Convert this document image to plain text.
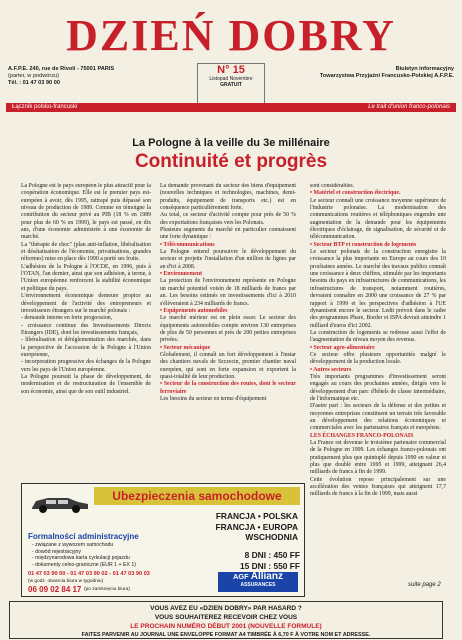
DZIEŃ DOBRY
A.F.P.E. 240, rue de Rivoli - 75001 PARIS
(parter, w podwórzu)
Tél. : 01 47 03 90 00
N° 15
Listopad Novembre
GRATUIT
Biuletyn informacyjny
Towarzystwa Przyjaźni Francusko-Polskiej A.F.P.E.
Łącznik polsko-francuski	Le trait d'union franco-polonais
La Pologne à la veille du 3e millénaire
Continuité et progrès

La Pologne est le pays européen le plus attractif pour la coopération économique. Elle est le premier pays est-européen à avoir, dès 1995, rattrapé puis dépassé son niveau de production de 1989. Comme en témoigne la contribution du secteur privé au PIB (18 % en 1989 pour plus de 60 % en 1999), le pays est passé, en dix ans, d'une économie administrée à une économie de marché.

La "thérapie de choc" (plan anti-inflation, libéralisation et désétatisation de l'économie, privatisations, grandes réformes) mise en place dès 1990 a porté ses fruits.

L'adhésion de la Pologne à l'OCDE, en 1996, puis à l'OTAN, l'an dernier, ainsi que son adhésion, à terme, à l'Union européenne renforcent la stabilité économique et politique du pays.

L'environnement économique demeure propice au développement de l'activité des entrepreneurs et investisseurs étrangers sur le marché polonais :

- demande interne en forte progression,

- croissance continue des Investissements Directs Etrangers (IDE), dont les investissements français,

- libéralisation et déréglementation des marchés, dans la perspective de l'accession de la Pologne à l'Union européenne,

- incorporation progressive des échanges de la Pologne vers les pays de l'Union européenne.

La Pologne poursuit la phase de développement, de modernisation et de restructuration de l'ensemble de son économie, ainsi que de son outil industriel.

La demande provenant du secteur des biens d'équipement (nouvelles techniques et technologies, machines, demi-produits, équipement de transports etc.) est en conséquence particulièrement forte.

Au total, ce secteur d'activité compte pour près de 50 % des exportations françaises vers les Polonais.

Plusieurs segments du marché en particulier connaissent une forte dynamique :

• Télécommunications

La Pologne entend poursuivre le développement du secteur et projette l'installation d'un million de lignes par an d'ici à 2008.

• Environnement

La protection de l'environnement représente en Pologne un marché potentiel voisin de 18 milliards de francs par an. Les besoins estimés en investissements d'ici à 2010 s'élèveraient à 234 milliards de francs.

• Equipements automobiles

Le marché mérieur est en plein essor. Le secteur des équipements automobiles compte environ 130 entreprises de plus de 50 personnes et près de 200 petites entreprises privées.

• Secteur mécanique

Globalement, il connaît un fort développement à l'instar des chantiers navals de Szczecin, premier chantier naval européen, qui sont en forte expansion et exportent la quasi-totalité de leur production.

• Secteur de la construction des routes, dont le secteur ferroviaire

Les besoins du secteur en terme d'équipement

sont considérables.

• Matériel et construction électrique.

Le secteur connaît une croissance moyenne supérieure de l'industrie polonaise. La modernisation des communications routières et téléphoniques engendre une augmentation de la demande pour les équipements électriques d'éclairage, de signalisation, de sécurité et de télécommunication.

• Secteur BTP et construction de logements

Le secteur polonais de la construction enregistre la croissance la plus importante en Europe au cours des 10 prochaines années. Le marché des travaux publics connaît une croissance à deux chiffres, stimulée par les importants besoins du pays en infrastructures de communications, les infrastructures de transport, notamment routières, devraient connaître en 2000 une croissance de 27 % par rapport à 1999 et les perspectives d'adhésion à l'UE dynamisent encore le secteur. Ledit prévoit dans le cadre des programmes Phare, Border et ISPA devrait atteindre 1 milliard d'euros d'ici 2002.

La construction de logements se redresse aussi l'effet de l'augmentation du niveau moyen des revenus.

• Secteur agro-alimentaire

Ce secteur offre plusieurs opportunités malgré le développement de la production locale.

• Autres secteurs

Très importants programmes d'investissement seront engagés au cours des prochaines années, dirigés vers le développement d'un parc d'hôtels de classe intermédiaire, de l'informatique etc.

D'autre part : les secteurs de la défense et des petites et moyennes entreprises constituent un terrain très favorable au développement des relations économiques et commerciales avec les partenaires français et européens.

LES ÉCHANGES FRANCO-POLONAIS

La France est devenue le troisième partenaire commercial de la Pologne en 1999. Les échanges franco-polonais ont pratiquement plus que quintuplé depuis 1990 en valeur et plus que doublé entre 1995 et 1999, atteignant 26,4 milliards de francs à fin de 1999.

Cette évolution repose principalement sur une accélération des ventes françaises qui atteignent 17,7 milliards de francs à la fin de 1999, mais aussi

suite page 2
Ubezpieczenia samochodowe
FRANCJA • POLSKA
FRANCJA • EUROPA
WSCHODNIA
Formalności administracyjne
- związane z wywozem samochodu
- dowód rejestracyjny
- międzynarodowa karta cyrkulacji pojazdu
- dokumenty celno-graniczne (EUR 1 + EX 1)
8 DNI : 450 FF
15 DNI : 550 FF
01 47 03 90 00 - 01 47 03 90 02 - 01 47 03 90 03
(w godz. otwarcia biura w tygodniu)
06 09 02 84 17 (po zamknięciu biura)
AGF Allianz
ASSURANCES
VOUS AVEZ EU «DZIEN DOBRY» PAR HASARD ?
VOUS SOUHAITEREZ RECEVOIR CHEZ VOUS
LE PROCHAIN NUMÉRO DÉBUT 2001 (NOUVELLE FORMULE)
FAITES PARVENIR AU JOURNAL UNE ENVELOPPE FORMAT A4 TIMBRÉE À 6,70 F À VOTRE NOM ET ADRESSE.
